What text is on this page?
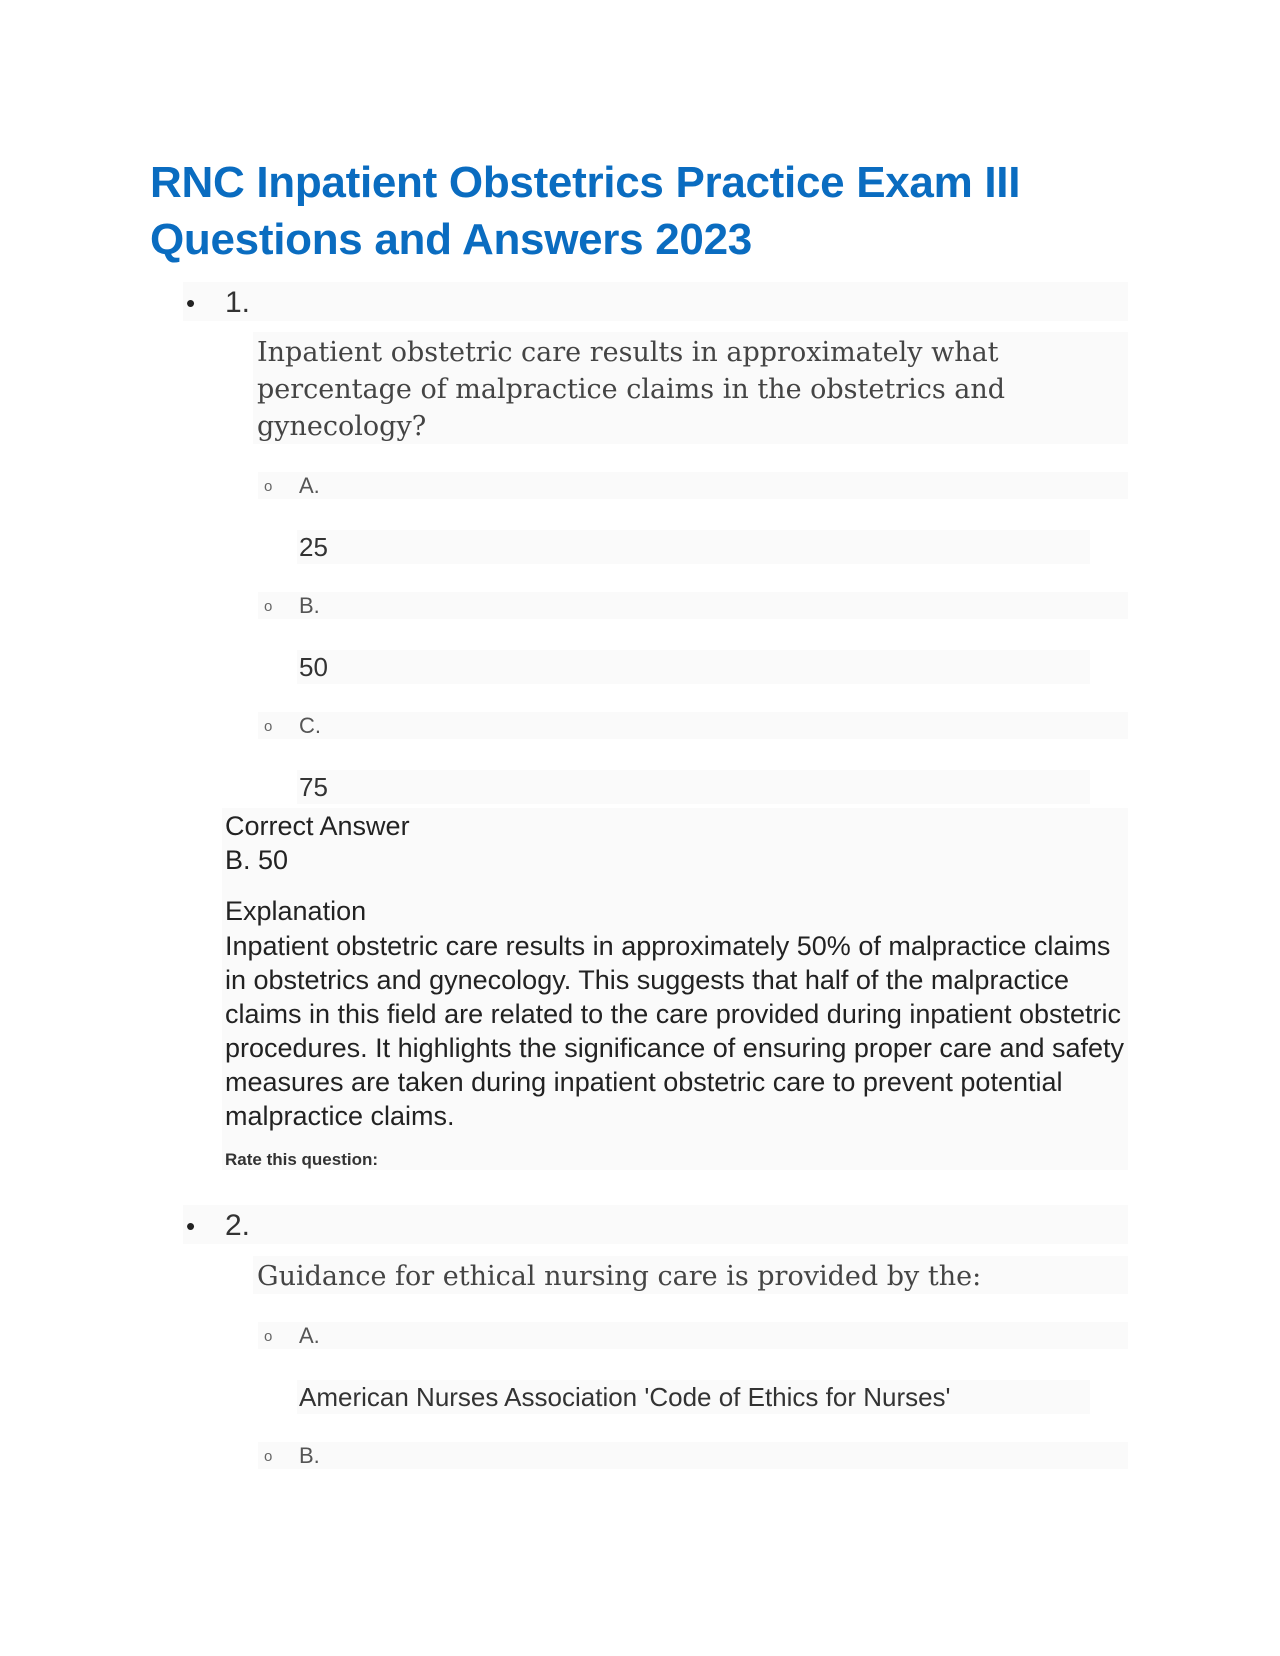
RNC Inpatient Obstetrics Practice Exam III Questions and Answers 2023
• 1.
Inpatient obstetric care results in approximately what percentage of malpractice claims in the obstetrics and gynecology?
o A.
25
o B.
50
o C.
75
Correct Answer
B. 50
Explanation

Inpatient obstetric care results in approximately 50% of malpractice claims in obstetrics and gynecology. This suggests that half of the malpractice claims in this field are related to the care provided during inpatient obstetric procedures. It highlights the significance of ensuring proper care and safety measures are taken during inpatient obstetric care to prevent potential malpractice claims.

Rate this question:
• 2.
Guidance for ethical nursing care is provided by the:
o A.
American Nurses Association 'Code of Ethics for Nurses'
o B.
